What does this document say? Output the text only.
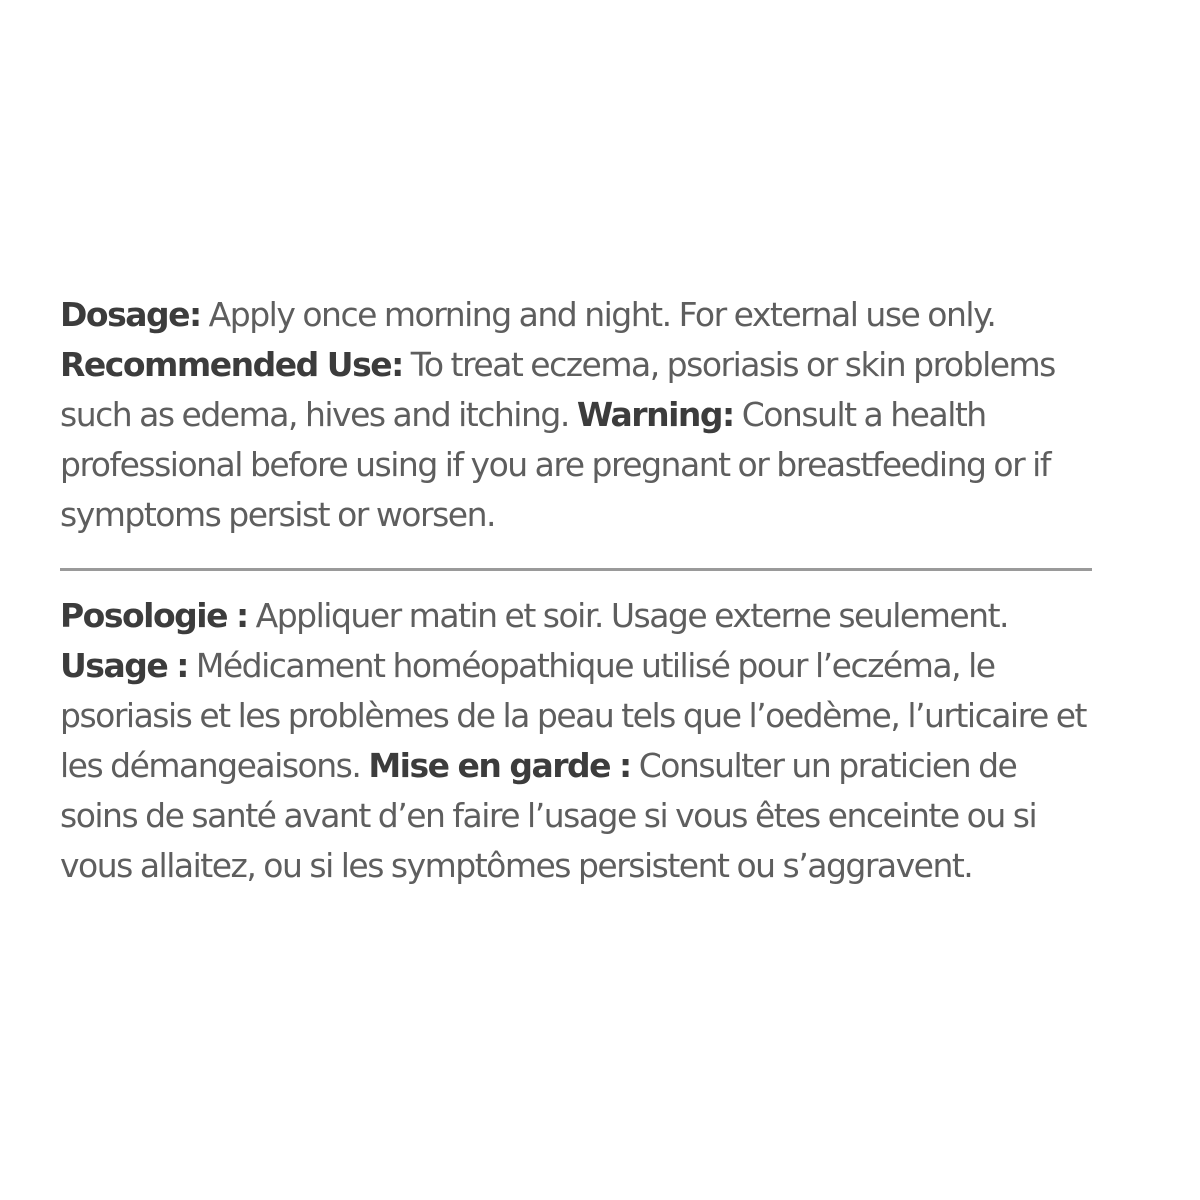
Dosage: Apply once morning and night. For external use only.

Recommended Use: To treat eczema, psoriasis or skin problems such as edema, hives and itching. Warning: Consult a health professional before using if you are pregnant or breastfeeding or if symptoms persist or worsen.

Posologie : Appliquer matin et soir. Usage externe seulement.

Usage : Médicament homéopathique utilisé pour l’eczéma, le psoriasis et les problèmes de la peau tels que l’oedème, l’urticaire et les démangeaisons. Mise en garde : Consulter un praticien de soins de santé avant d’en faire l’usage si vous êtes enceinte ou si vous allaitez, ou si les symptômes persistent ou s’aggravent.
